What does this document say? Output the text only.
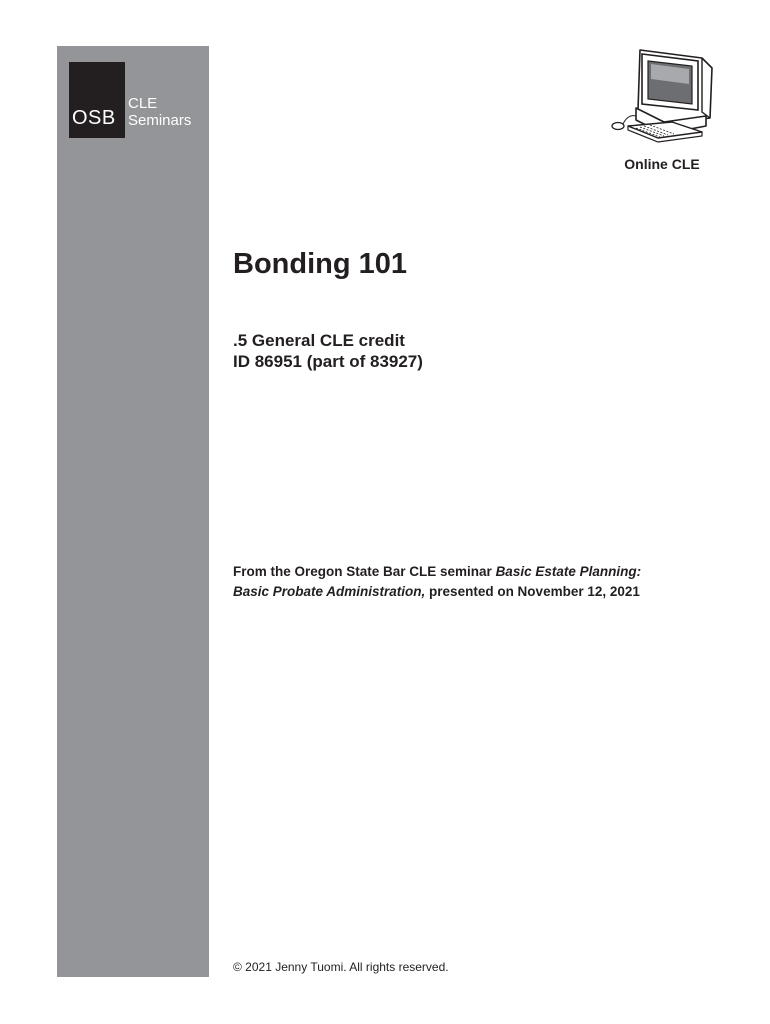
OSB
CLE
Seminars
Online CLE
Bonding 101
.5 General CLE credit
ID 86951 (part of 83927)
From the Oregon State Bar CLE seminar Basic Estate Planning:
Basic Probate Administration, presented on November 12, 2021
© 2021 Jenny Tuomi. All rights reserved.
